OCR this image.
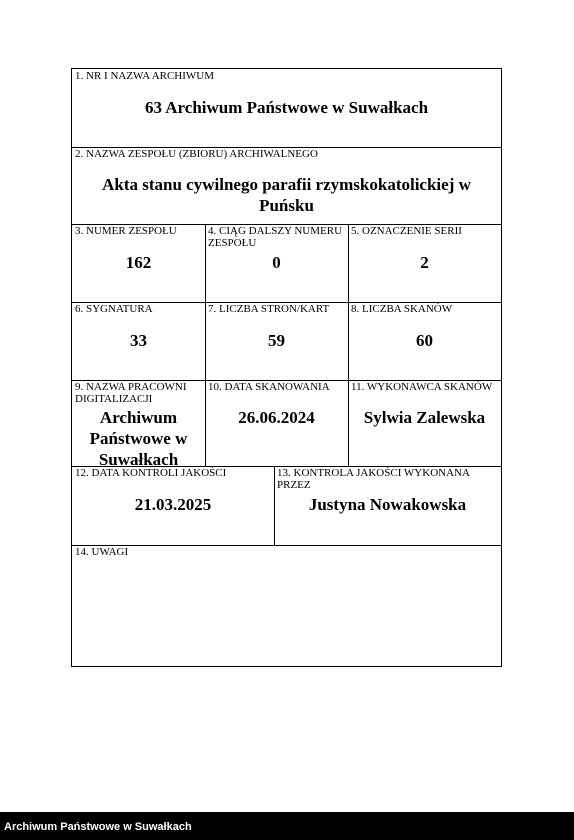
1. NR I NAZWA ARCHIWUM
63 Archiwum Państwowe w Suwałkach
2. NAZWA ZESPOŁU (ZBIORU) ARCHIWALNEGO
Akta stanu cywilnego parafii rzymskokatolickiej w Puńsku
3. NUMER ZESPOŁU
162
4. CIĄG DALSZY NUMERU ZESPOŁU
0
5. OZNACZENIE SERII
2
6. SYGNATURA
33
7. LICZBA STRON/KART
59
8. LICZBA SKANÓW
60
9. NAZWA PRACOWNI DIGITALIZACJI
Archiwum Państwowe w Suwałkach
10. DATA SKANOWANIA
26.06.2024
11. WYKONAWCA SKANÓW
Sylwia Zalewska
12. DATA KONTROLI JAKOŚCI
21.03.2025
13. KONTROLA JAKOŚCI WYKONANA PRZEZ
Justyna Nowakowska
14. UWAGI
Archiwum Państwowe w Suwałkach
